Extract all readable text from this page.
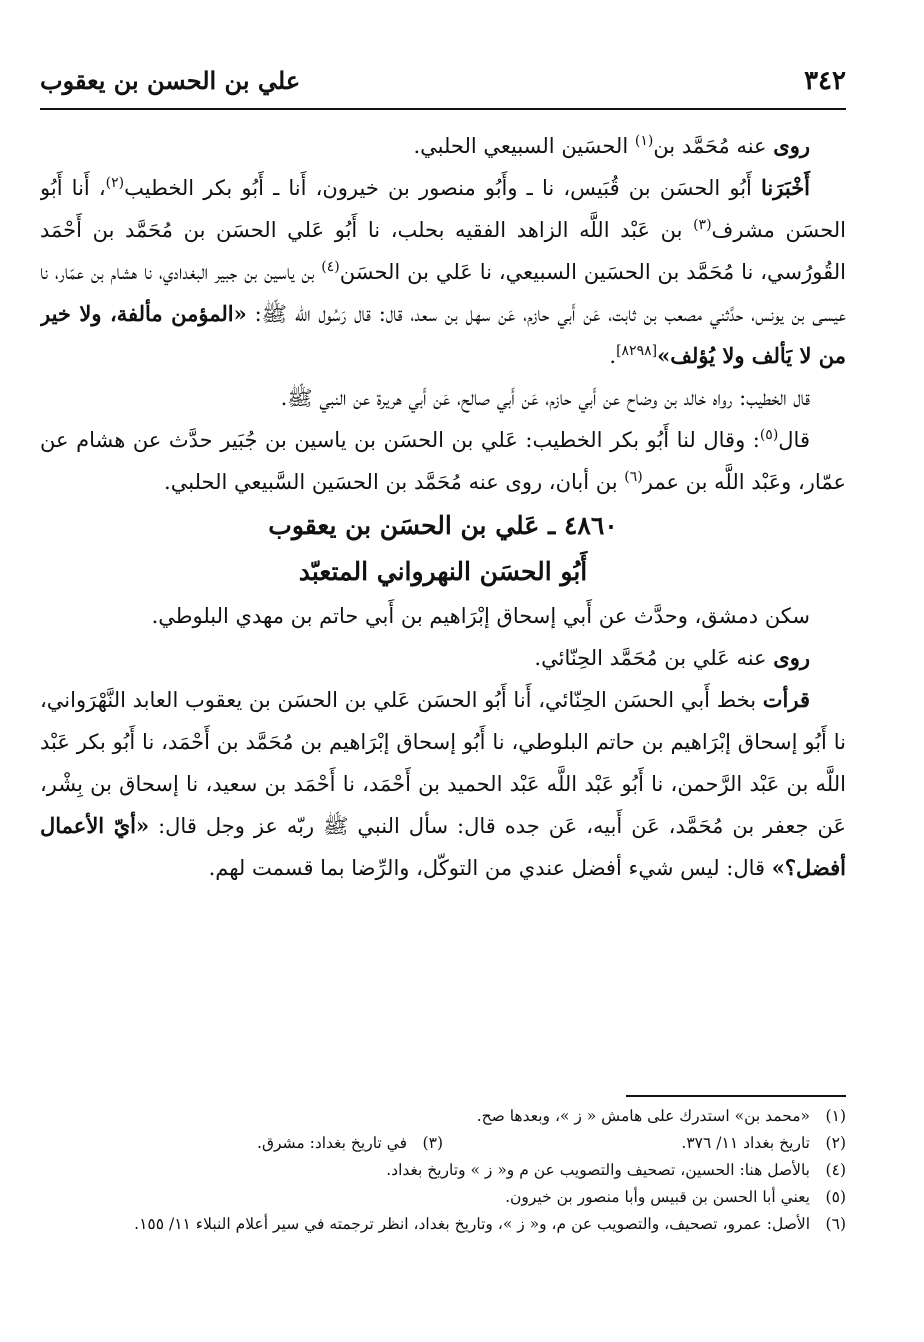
٣٤٢
علي بن الحسن بن يعقوب

روى عنه مُحَمَّد بن$^{(١)}$ الحسَين السبيعي الحلبي.

أَخْبَرَنا أَبُو الحسَن بن قُبَيس، نا ـ وأَبُو منصور بن خيرون، أَنا ـ أَبُو بكر الخطيب$^{(٢)}$، أَنا أَبُو الحسَن مشرف$^{(٣)}$ بن عَبْد اللَّه الزاهد الفقيه بحلب، نا أَبُو عَلي الحسَن بن مُحَمَّد بن أَحْمَد القُورُسي، نا مُحَمَّد بن الحسَين السبيعي، نا عَلي بن الحسَن$^{(٤)}$ بن ياسين بن جبير البغدادي، نا هشام بن عمّار، نا عيسى بن يونس، حدَّثني مصعب بن ثابت، عَن أَبي حازم، عَن سهل بن سعد، قال: قال رَسُول الله ﷺ: «المؤمن مألفة، ولا خير من لا يَألف ولا يُؤلف»[٨٢٩٨].

قال الخطيب: رواه خالد بن وضاح عن أَبي حازم، عَن أَبي صالح، عَن أَبي هريرة عن النبي ﷺ.

قال$^{(٥)}$: وقال لنا أَبُو بكر الخطيب: عَلي بن الحسَن بن ياسين بن جُبَير حدَّث عن هشام عن عمّار، وعَبْد اللَّه بن عمر$^{(٦)}$ بن أبان، روى عنه مُحَمَّد بن الحسَين السَّبيعي الحلبي.

٤٨٦٠ ـ عَلي بن الحسَن بن يعقوب

أَبُو الحسَن النهرواني المتعبّد

سكن دمشق، وحدَّث عن أَبي إسحاق إبْرَاهيم بن أَبي حاتم بن مهدي البلوطي.

روى عنه عَلي بن مُحَمَّد الحِنّائي.

قرأت بخط أَبي الحسَن الحِنّائي، أَنا أَبُو الحسَن عَلي بن الحسَن بن يعقوب العابد النَّهْرَواني، نا أَبُو إسحاق إبْرَاهيم بن حاتم البلوطي، نا أَبُو إسحاق إبْرَاهيم بن مُحَمَّد بن أَحْمَد، نا أَبُو بكر عَبْد اللَّه بن عَبْد الرَّحمن، نا أَبُو عَبْد اللَّه عَبْد الحميد بن أَحْمَد، نا أَحْمَد بن سعيد، نا إسحاق بن بِشْر، عَن جعفر بن مُحَمَّد، عَن أَبيه، عَن جده قال: سأل النبي ﷺ ربّه عز وجل قال: «أيّ الأعمال أفضل؟» قال: ليس شيء أفضل عندي من التوكّل، والرِّضا بما قسمت لهم.

(١)
«محمد بن» استدرك على هامش « ز »، وبعدها صح.
(٢)
تاريخ بغداد ١١/ ٣٧٦.
(٣)
في تاريخ بغداد: مشرق.
(٤)
بالأصل هنا: الحسين، تصحيف والتصويب عن م و« ز » وتاريخ بغداد.
(٥)
يعني أبا الحسن بن قبيس وأبا منصور بن خيرون.
(٦)
الأصل: عمرو، تصحيف، والتصويب عن م، و« ز »، وتاريخ بغداد، انظر ترجمته في سير أعلام النبلاء ١١/ ١٥٥.
